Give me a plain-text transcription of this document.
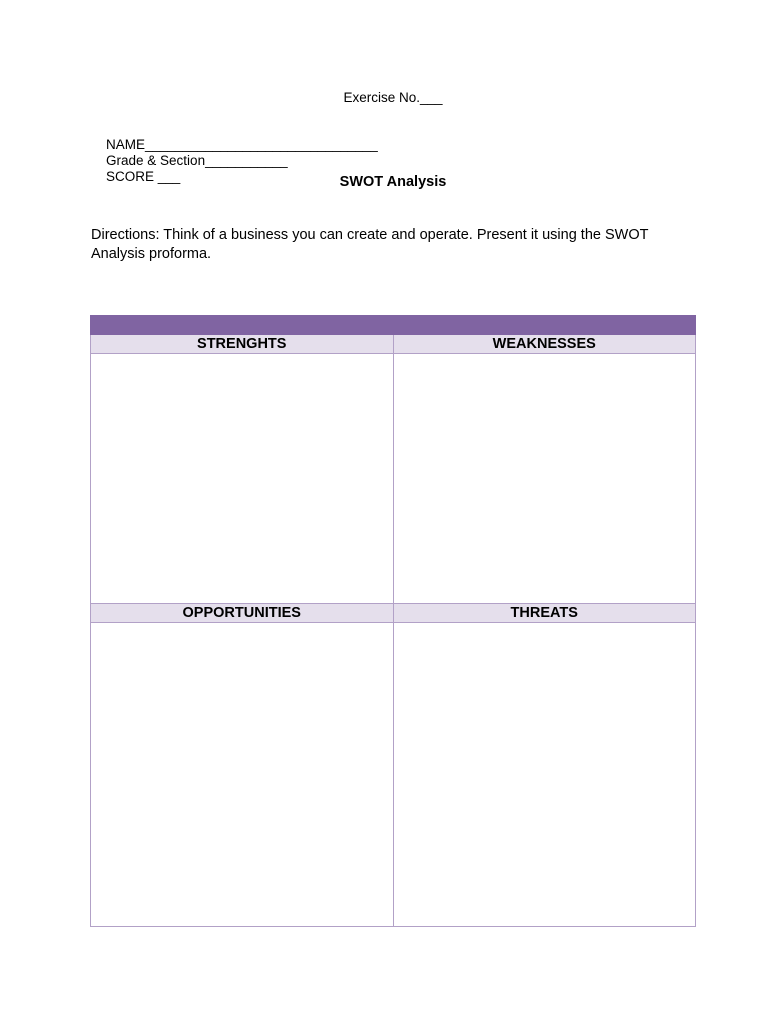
Exercise No.___

NAME_______________________________
Grade & Section___________
SCORE ___
	SWOT Analysis
Directions: Think of a business you can create and operate. Present it using the SWOT Analysis proforma.

STRENGHTS	WEAKNESSES

OPPORTUNITIES	THREATS
